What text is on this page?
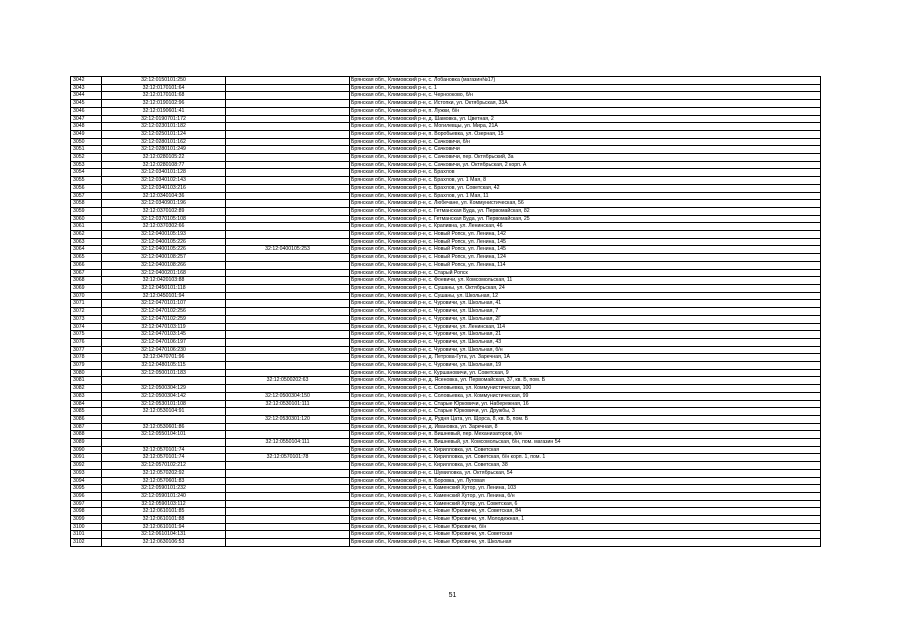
3042	32:12:0150101:250		Брянская обл., Климовский р-н, с. Лобановка (магазин№17)
3043	32:12:0170101:64		Брянская обл., Климовский р-н, с. 1
3044	32:12:0170101:68		Брянская обл., Климовский р-н, с. Чернооково, б/н
3045	32:12:0190102:96		Брянская обл., Климовский р-н, с. Истопки, ул. Октябрьская, 33А
3046	32:12:0190601:41		Брянская обл., Климовский р-н, п. Лужки, б/н
3047	32:12:0190701:172		Брянская обл., Климовский р-н, д. Шамовка, ул. Цветная, 2
3048	32:12:0230101:182		Брянская обл., Климовский р-н, с. Могилевцы, ул. Мира, 21А
3049	32:12:0250101:124		Брянская обл., Климовский р-н, п. Воробьевка, ул. Озерная, 15
3050	32:12:0280101:162		Брянская обл., Климовский р-н, с. Сачковичи, б/н
3051	32:12:0280101:249		Брянская обл., Климовский р-н, с. Сачковичи
3052	32:12:0280105:22		Брянская обл., Климовский р-н, с. Сачковичи, пер. Октябрьский, 3а
3053	32:12:0280108:77		Брянская обл., Климовский р-н, с. Сачковичи, ул. Октябрьская, 2 корп. А
3054	32:12:0340101:128		Брянская обл., Климовский р-н, с. Брахлов
3055	32:12:0340102:143		Брянская обл., Климовский р-н, с. Брахлов, ул. 1 Мая, 8
3056	32:12:0340103:216		Брянская обл., Климовский р-н, с. Брахлов, ул. Советская, 42
3057	32:12:0340104:36		Брянская обл., Климовский р-н, с. Брахлов, ул. 1 Мая, 11
3058	32:12:0340901:196		Брянская обл., Климовский р-н, с. Любечане, ул. Коммунистическая, 56
3059	32:12:0370102:89		Брянская обл., Климовский р-н, с. Гетманская Буда, ул. Первомайская, 82
3060	32:12:0370105:108		Брянская обл., Климовский р-н, с. Гетманская Буда, ул. Первомайская, 25
3061	32:12:0370302:66		Брянская обл., Климовский р-н, с. Крапивна, ул. Ленинская, 46
3062	32:12:0400105:193		Брянская обл., Климовский р-н, с. Новый Ропск, ул. Ленина, 142
3063	32:12:0400105:226		Брянская обл., Климовский р-н, с. Новый Ропск, ул. Ленина, 145
3064	32:12:0400105:226	32:12:0400105:253	Брянская обл., Климовский р-н, с. Новый Ропск, ул. Ленина, 145
3065	32:12:0400108:257		Брянская обл., Климовский р-н, с. Новый Ропск, ул. Ленина, 124
3066	32:12:0400108:266		Брянская обл., Климовский р-н, с. Новый Ропск, ул. Ленина, 114
3067	32:12:0400201:168		Брянская обл., Климовский р-н, с. Старый Ропск
3068	32:12:0420103:88		Брянская обл., Климовский р-н, с. Фоевичи, ул. Комсомольская, 11
3069	32:12:0450101:118		Брянская обл., Климовский р-н, с. Сушаны, ул. Октябрьская, 24
3070	32:12:0450101:94		Брянская обл., Климовский р-н, с. Сушаны, ул. Школьная, 12
3071	32:12:0470101:107		Брянская обл., Климовский р-н, с. Чуровичи, ул. Школьная, 41
3072	32:12:0470102:256		Брянская обл., Климовский р-н, с. Чуровичи, ул. Школьная, 7
3073	32:12:0470102:259		Брянская обл., Климовский р-н, с. Чуровичи, ул. Школьная, 2Г
3074	32:12:0470103:119		Брянская обл., Климовский р-н, с. Чуровичи, ул. Ленинская, 114
3075	32:12:0470103:145		Брянская обл., Климовский р-н, с. Чуровичи, ул. Школьная, 21
3076	32:12:0470106:197		Брянская обл., Климовский р-н, с. Чуровичи, ул. Школьная, 43
3077	32:12:0470106:230		Брянская обл., Климовский р-н, с. Чуровичи, ул. Школьная, б/н
3078	32:12:0470701:96		Брянская обл., Климовский р-н, д. Петрова-Гута, ул. Заречная, 1А
3079	32:12:0480105:115		Брянская обл., Климовский р-н, с. Чуровичи, ул. Школьная, 19
3080	32:12:0500101:183		Брянская обл., Климовский р-н, с. Куршановичи, ул. Советская, 9
3081		32:12:0500202:63	Брянская обл., Климовский р-н, д. Ясеновка, ул. Первомайская, 37, кв. Б, пом. Б
3082	32:12:0500304:129		Брянская обл., Климовский р-н, с. Соловьевка, ул. Коммунистическая, 100
3083	32:12:0500304:142	32:12:0500304:150	Брянская обл., Климовский р-н, с. Соловьевка, ул. Коммунистическая, 99
3084	32:12:0530101:108	32:12:0530101:111	Брянская обл., Климовский р-н, с. Старые Юрковичи, ул. Набережная, 16
3085	32:12:0530104:91		Брянская обл., Климовский р-н, с. Старые Юрковичи, ул. Дружбы, 3
3086		32:12:0530301:120	Брянская обл., Климовский р-н, д. Рудня Цата, ул. Щорса, 8, кв. Б, пом. Б
3087	32:12:0530601:86		Брянская обл., Климовский р-н, д. Ивановка, ул. Заречная, 8
3088	32:12:0550104:101		Брянская обл., Климовский р-н, п. Вишневый, пер. Механизаторов, б/н
3089		32:12:0550104:111	Брянская обл., Климовский р-н, п. Вишневый, ул. Комсомольская, б/н, пом. магазин 54
3090	32:12:0570101:74		Брянская обл., Климовский р-н, с. Кирилловка, ул. Советская
3091	32:12:0570101:74	32:12:0570101:78	Брянская обл., Климовский р-н, с. Кирилловка, ул. Советская, б/н корп. 1, пом. 1
3092	32:12:0570102:212		Брянская обл., Климовский р-н, с. Кирилловка, ул. Советская, 38
3093	32:12:0570202:92		Брянская обл., Климовский р-н, с. Шумиловка, ул. Октябрьская, 54
3094	32:12:0570601:83		Брянская обл., Климовский р-н, п. Боровка, ул. Луговая
3095	32:12:0590101:232		Брянская обл., Климовский р-н, с. Каменский Хутор, ул. Ленина, 103
3096	32:12:0590101:240		Брянская обл., Климовский р-н, с. Каменский Хутор, ул. Ленина, б/н
3097	32:12:0590103:112		Брянская обл., Климовский р-н, с. Каменский Хутор, ул. Советская, 6
3098	32:12:0610101:85		Брянская обл., Климовский р-н, с. Новые Юрковичи, ул. Советская, 84
3099	32:12:0610101:88		Брянская обл., Климовский р-н, с. Новые Юрковичи, ул. Молодежная, 1
3100	32:12:0610101:94		Брянская обл., Климовский р-н, с. Новые Юрковичи, б/н
3101	32:12:0610104:131		Брянская обл., Климовский р-н, с. Новые Юрковичи, ул. Советская
3102	32:12:0630106:53		Брянская обл., Климовский р-н, с. Новые Юрковичи, ул. Школьная
51
